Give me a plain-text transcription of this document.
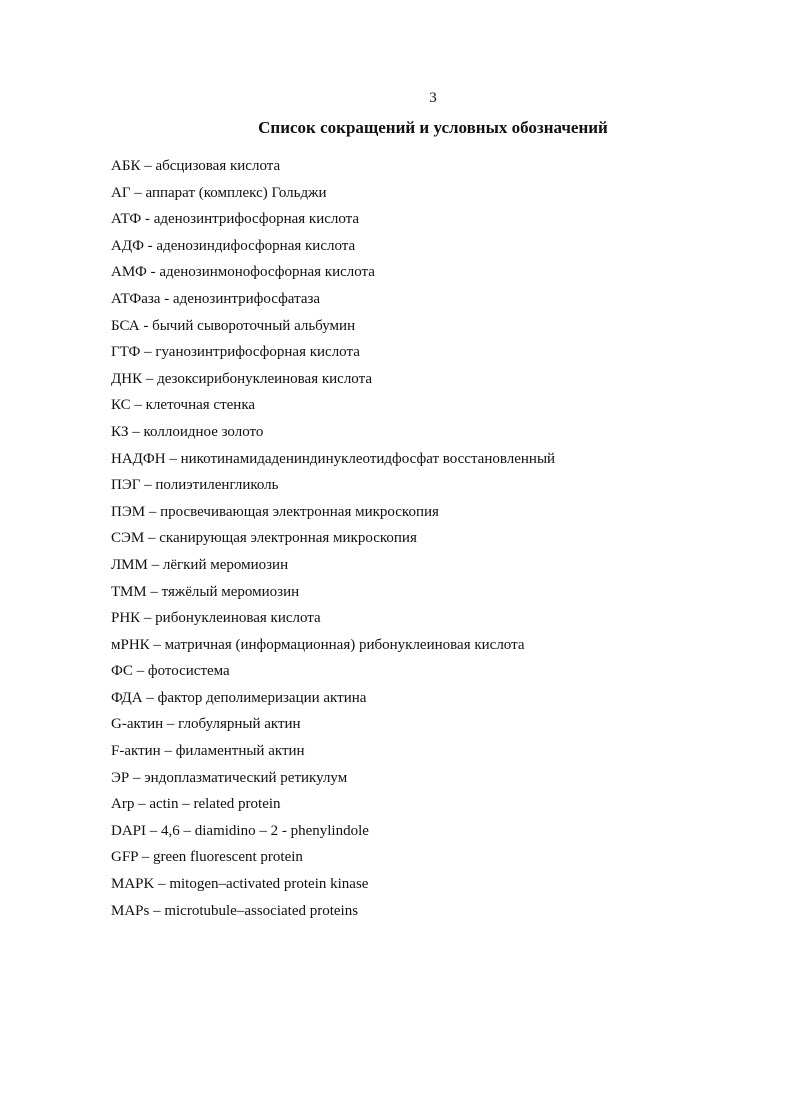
3
Список сокращений и условных обозначений
АБК – абсцизовая кислота
АГ – аппарат (комплекс) Гольджи
АТФ - аденозинтрифосфорная кислота
АДФ - аденозиндифосфорная кислота
АМФ - аденозинмонофосфорная кислота
АТФаза - аденозинтрифосфатаза
БСА - бычий сывороточный альбумин
ГТФ – гуанозинтрифосфорная кислота
ДНК – дезоксирибонуклеиновая кислота
КС – клеточная стенка
КЗ – коллоидное золото
НАДФН – никотинамидадениндинуклеотидфосфат восстановленный
ПЭГ – полиэтиленгликоль
ПЭМ – просвечивающая электронная микроскопия
СЭМ – сканирующая электронная микроскопия
ЛММ – лёгкий меромиозин
ТММ – тяжёлый меромиозин
РНК – рибонуклеиновая кислота
мРНК – матричная (информационная) рибонуклеиновая кислота
ФС – фотосистема
ФДА – фактор деполимеризации актина
G-актин – глобулярный актин
F-актин – филаментный актин
ЭР – эндоплазматический ретикулум
Arp – actin – related protein
DAPI – 4,6 – diamidino – 2 - phenylindole
GFP – green fluorescent protein
MAPK – mitogen–activated protein kinase
MAPs – microtubule–associated proteins
